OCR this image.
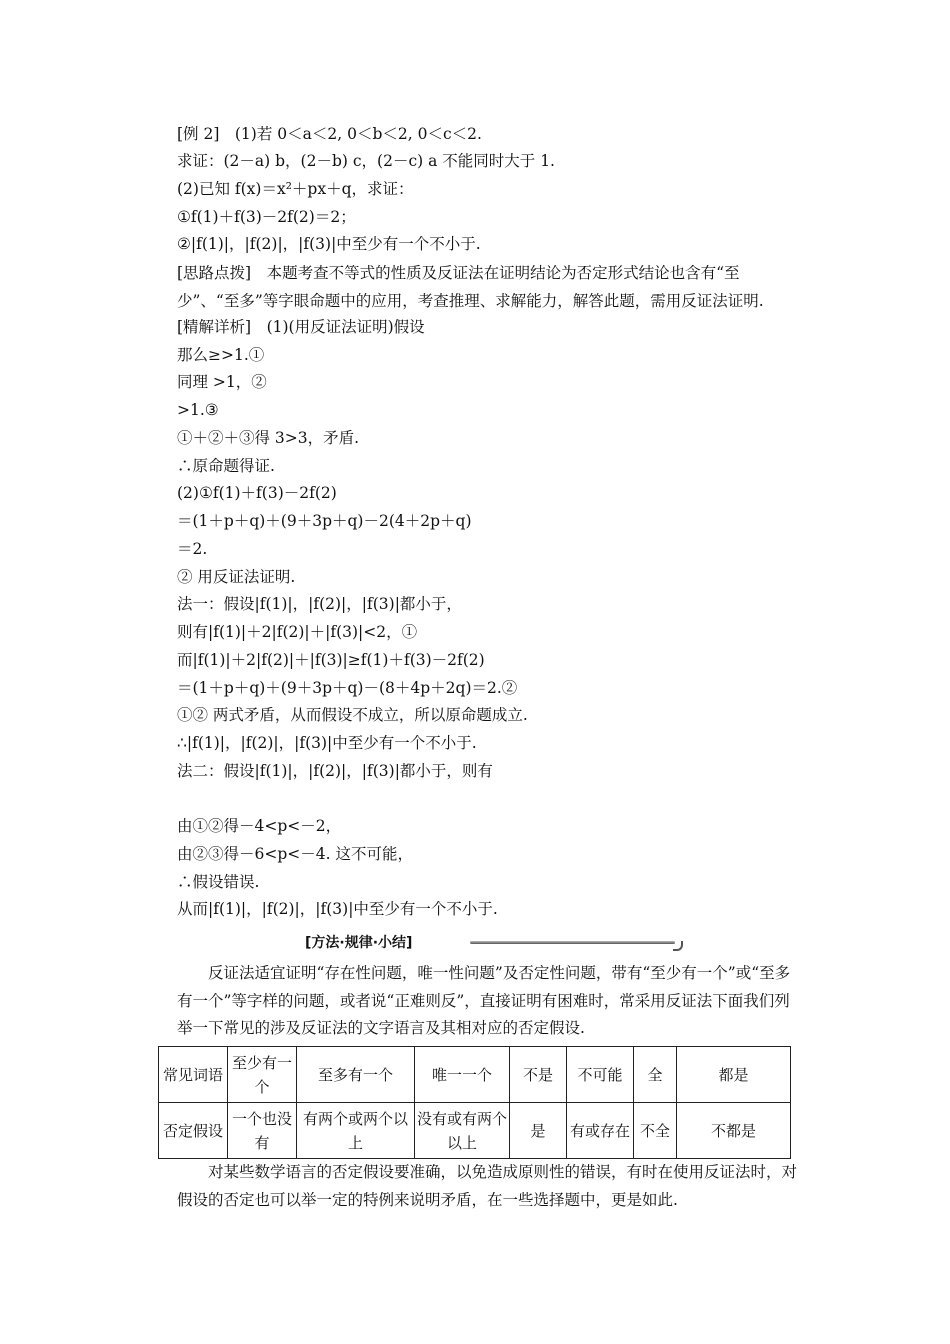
[例 2]　(1)若 0＜a＜2, 0＜b＜2, 0＜c＜2.
求证：(2－a) b，(2－b) c，(2－c) a 不能同时大于 1.
(2)已知 f(x)＝x²＋px＋q，求证：
①f(1)＋f(3)－2f(2)＝2；
②|f(1)|，|f(2)|，|f(3)|中至少有一个不小于.
[思路点拨]　本题考查不等式的性质及反证法在证明结论为否定形式结论也含有“至少”、“至多”等字眼命题中的应用，考查推理、求解能力，解答此题，需用反证法证明.
[精解详析]　(1)(用反证法证明)假设
那么≥>1.①
同理 >1，②
>1.③
①＋②＋③得 3>3，矛盾.
∴原命题得证.
(2)①f(1)＋f(3)－2f(2)
＝(1＋p＋q)＋(9＋3p＋q)－2(4＋2p＋q)
＝2.
② 用反证法证明.
法一：假设|f(1)|，|f(2)|，|f(3)|都小于，
则有|f(1)|＋2|f(2)|＋|f(3)|<2，①
而|f(1)|＋2|f(2)|＋|f(3)|≥f(1)＋f(3)－2f(2)
＝(1＋p＋q)＋(9＋3p＋q)－(8＋4p＋2q)＝2.②
①② 两式矛盾，从而假设不成立，所以原命题成立.
∴|f(1)|，|f(2)|，|f(3)|中至少有一个不小于.
法二：假设|f(1)|，|f(2)|，|f(3)|都小于，则有
由①②得－4<p<－2，
由②③得－6<p<－4. 这不可能，
∴假设错误.
从而|f(1)|，|f(2)|，|f(3)|中至少有一个不小于.
[方法·规律·小结]
反证法适宜证明“存在性问题，唯一性问题”及否定性问题，带有“至少有一个”或“至多有一个”等字样的问题，或者说“正难则反”，直接证明有困难时，常采用反证法下面我们列举一下常见的涉及反证法的文字语言及其相对应的否定假设.
常见词语	至少有一个	至多有一个	唯一一个	不是	不可能	全	都是
否定假设	一个也没有	有两个或两个以上	没有或有两个以上	是	有或存在	不全	不都是
对某些数学语言的否定假设要准确，以免造成原则性的错误，有时在使用反证法时，对假设的否定也可以举一定的特例来说明矛盾，在一些选择题中，更是如此.
